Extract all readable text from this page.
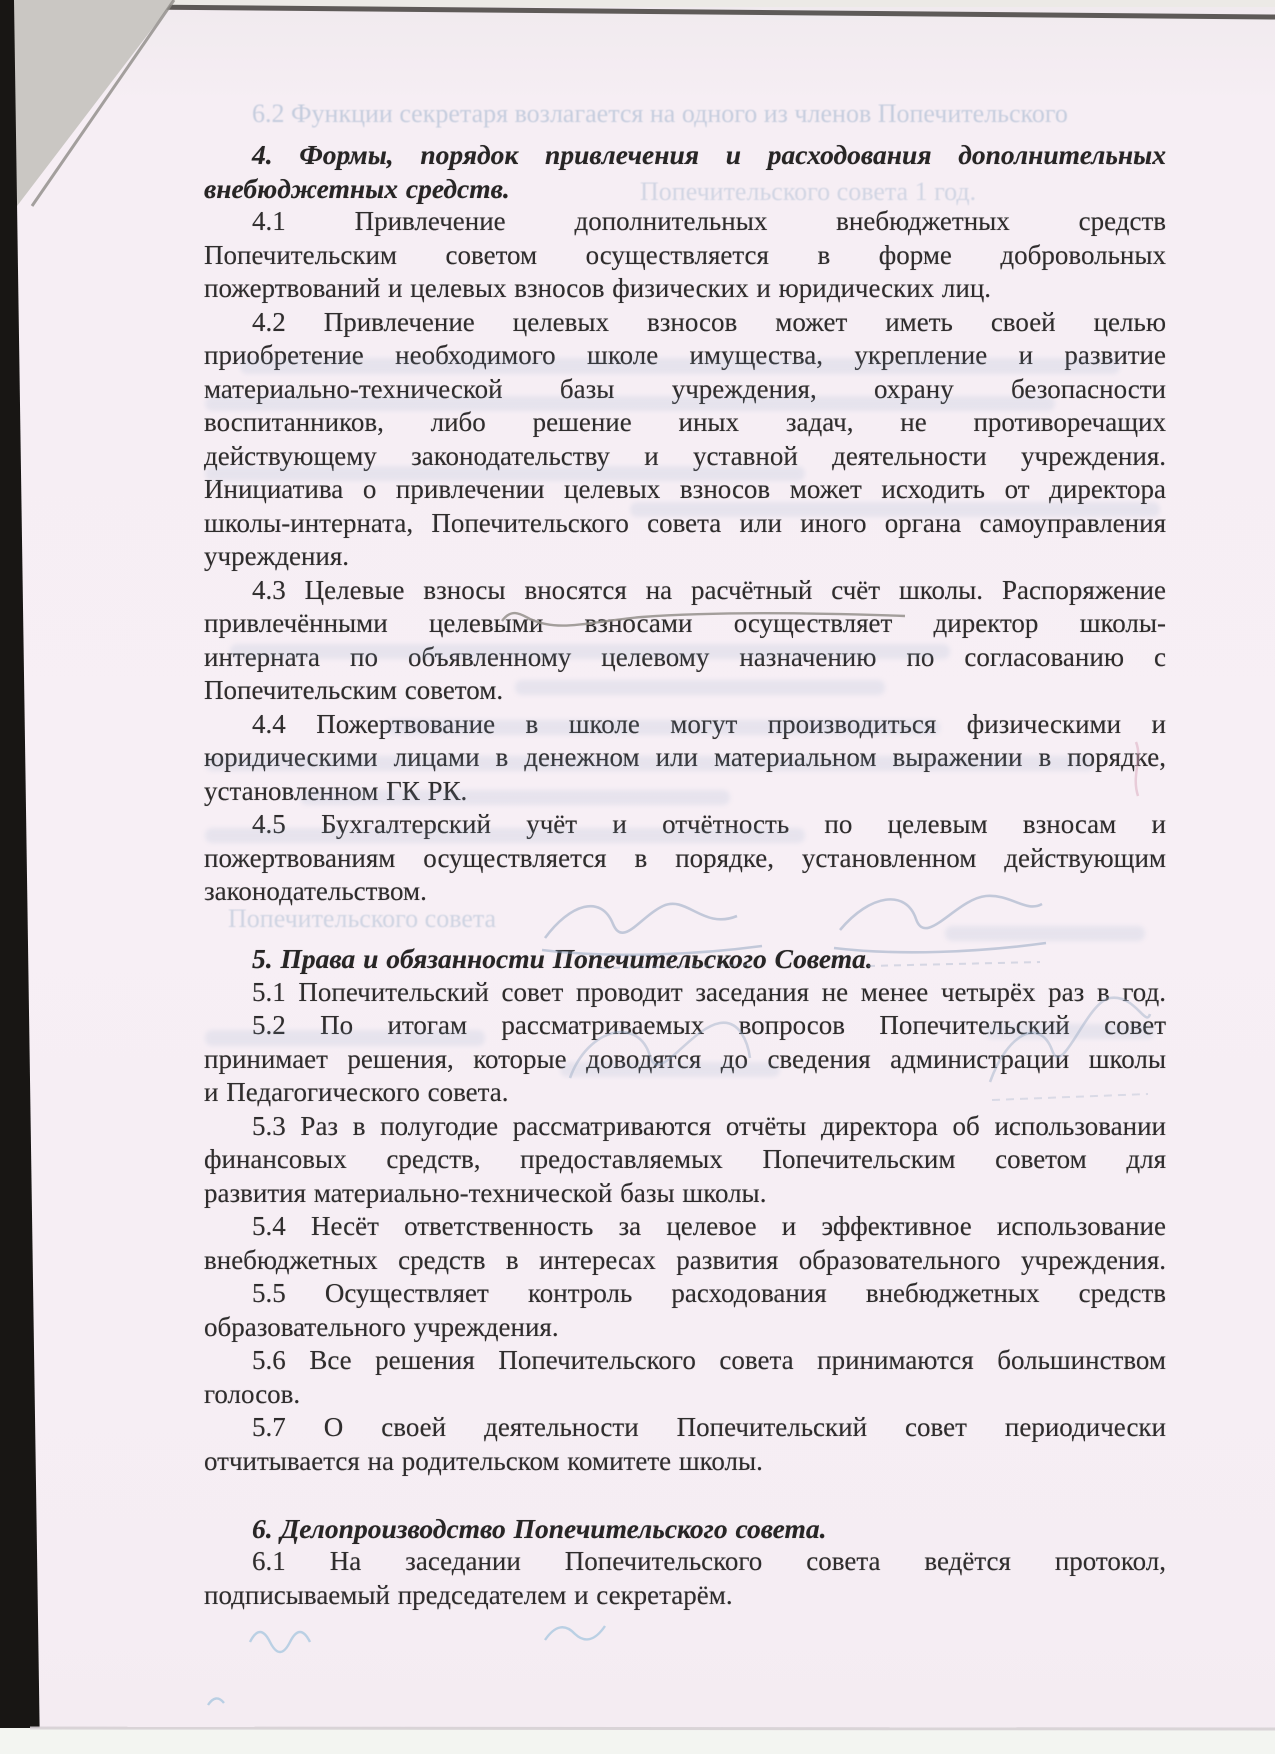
6.2 Функции секретаря возлагается на одного из членов Попечительского
Попечительского совета 1 год.
Попечительского совета
4. Формы, порядок привлечения и расходования дополнительных
внебюджетных средств.
4.1 Привлечение дополнительных внебюджетных средств
Попечительским советом осуществляется в форме добровольных
пожертвований и целевых взносов физических и юридических лиц.
4.2 Привлечение целевых взносов может иметь своей целью
приобретение необходимого школе имущества, укрепление и развитие
материально-технической базы учреждения, охрану безопасности
воспитанников, либо решение иных задач, не противоречащих
действующему законодательству и уставной деятельности учреждения.
Инициатива о привлечении целевых взносов может исходить от директора
школы-интерната, Попечительского совета или иного органа самоуправления
учреждения.
4.3 Целевые взносы вносятся на расчётный счёт школы. Распоряжение
привлечёнными целевыми взносами осуществляет директор школы-
интерната по объявленному целевому назначению по согласованию с
Попечительским советом.
4.4 Пожертвование в школе могут производиться физическими и
юридическими лицами в денежном или материальном выражении в порядке,
установленном ГК РК.
4.5 Бухгалтерский учёт и отчётность по целевым взносам и
пожертвованиям осуществляется в порядке, установленном действующим
законодательством.
5. Права и обязанности Попечительского Совета.
5.1 Попечительский совет проводит заседания не менее четырёх раз в год.
5.2 По итогам рассматриваемых вопросов Попечительский совет
принимает решения, которые доводятся до сведения администрации школы
и Педагогического совета.
5.3 Раз в полугодие рассматриваются отчёты директора об использовании
финансовых средств, предоставляемых Попечительским советом для
развития материально-технической базы школы.
5.4 Несёт ответственность за целевое и эффективное использование
внебюджетных средств в интересах развития образовательного учреждения.
5.5 Осуществляет контроль расходования внебюджетных средств
образовательного учреждения.
5.6 Все решения Попечительского совета принимаются большинством
голосов.
5.7 О своей деятельности Попечительский совет периодически
отчитывается на родительском комитете школы.
6. Делопроизводство Попечительского совета.
6.1 На заседании Попечительского совета ведётся протокол,
подписываемый председателем и секретарём.
